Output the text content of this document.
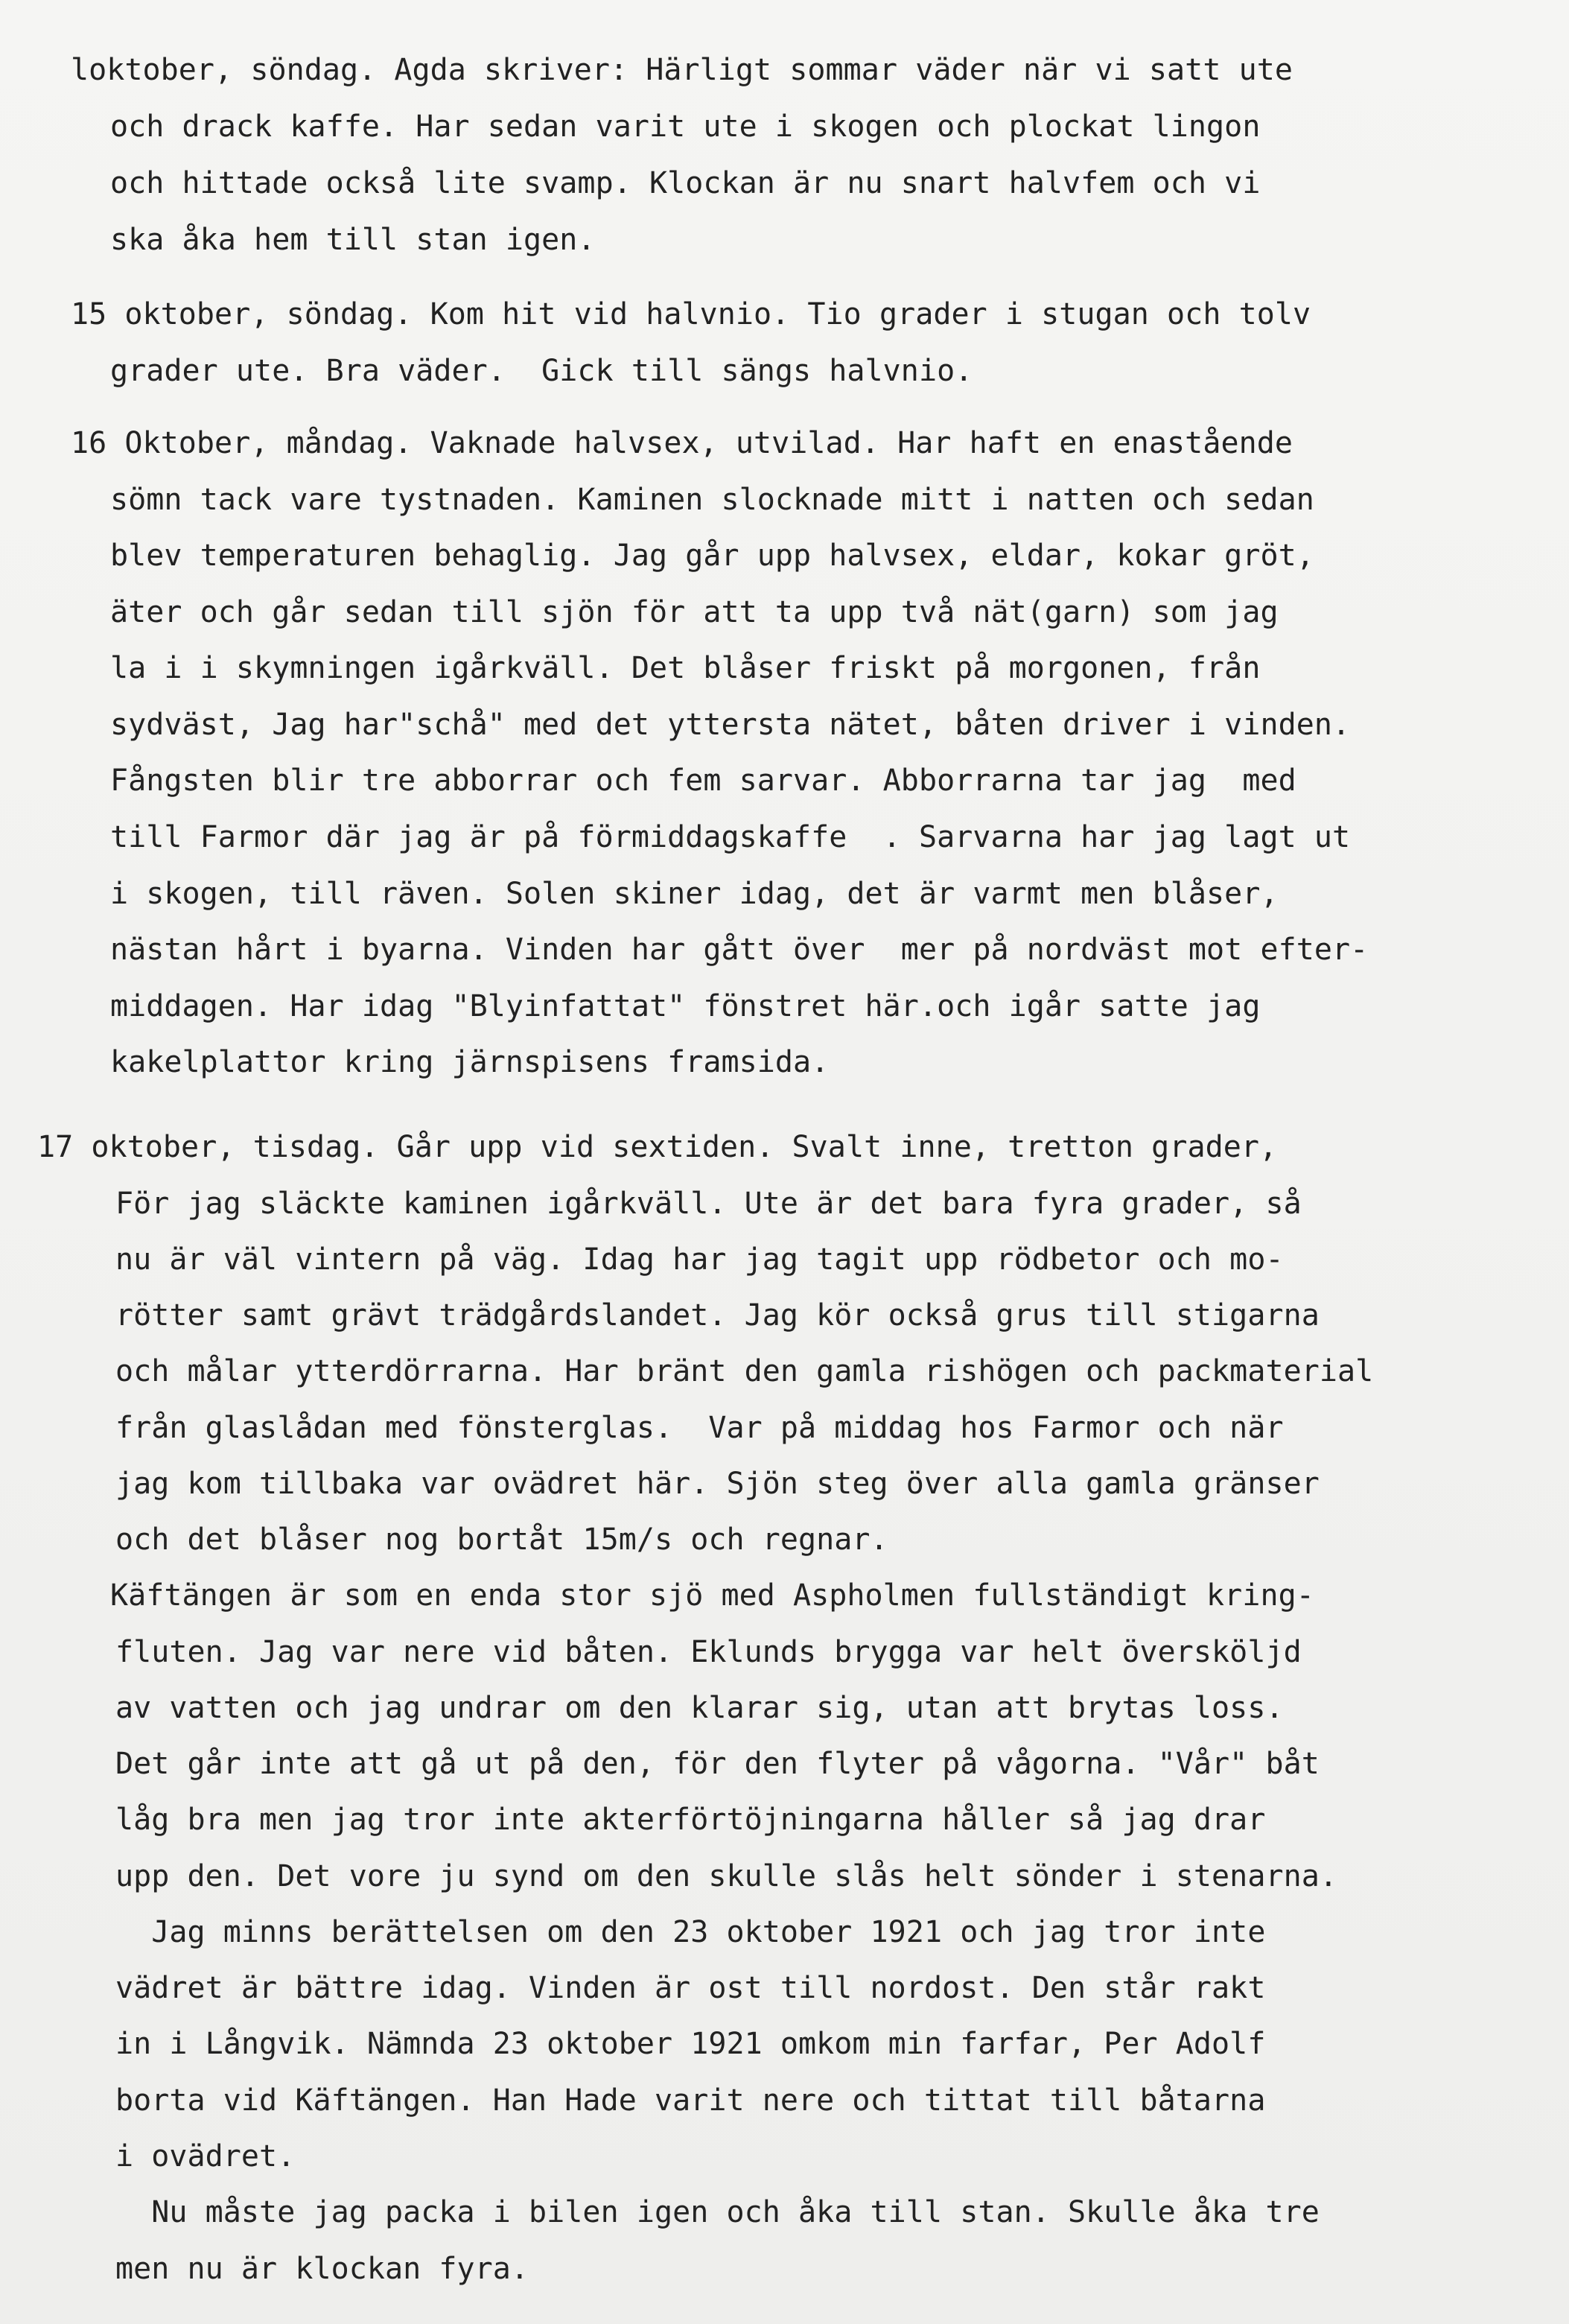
loktober, söndag. Agda skriver: Härligt sommar väder när vi satt ute
och drack kaffe. Har sedan varit ute i skogen och plockat lingon
och hittade också lite svamp. Klockan är nu snart halvfem och vi
ska åka hem till stan igen.
15 oktober, söndag. Kom hit vid halvnio. Tio grader i stugan och tolv
grader ute. Bra väder.  Gick till sängs halvnio.
16 Oktober, måndag. Vaknade halvsex, utvilad. Har haft en enastående
sömn tack vare tystnaden. Kaminen slocknade mitt i natten och sedan
blev temperaturen behaglig. Jag går upp halvsex, eldar, kokar gröt,
äter och går sedan till sjön för att ta upp två nät(garn) som jag
la i i skymningen igårkväll. Det blåser friskt på morgonen, från
sydväst, Jag har"schå" med det yttersta nätet, båten driver i vinden.
Fångsten blir tre abborrar och fem sarvar. Abborrarna tar jag  med
till Farmor där jag är på förmiddagskaffe  . Sarvarna har jag lagt ut
i skogen, till räven. Solen skiner idag, det är varmt men blåser,
nästan hårt i byarna. Vinden har gått över  mer på nordväst mot efter-
middagen. Har idag "Blyinfattat" fönstret här.och igår satte jag
kakelplattor kring järnspisens framsida.
17 oktober, tisdag. Går upp vid sextiden. Svalt inne, tretton grader,
För jag släckte kaminen igårkväll. Ute är det bara fyra grader, så
nu är väl vintern på väg. Idag har jag tagit upp rödbetor och mo-
rötter samt grävt trädgårdslandet. Jag kör också grus till stigarna
och målar ytterdörrarna. Har bränt den gamla rishögen och packmaterial
från glaslådan med fönsterglas.  Var på middag hos Farmor och när
jag kom tillbaka var ovädret här. Sjön steg över alla gamla gränser
och det blåser nog bortåt 15m/s och regnar.
Käftängen är som en enda stor sjö med Aspholmen fullständigt kring-
fluten. Jag var nere vid båten. Eklunds brygga var helt översköljd
av vatten och jag undrar om den klarar sig, utan att brytas loss.
Det går inte att gå ut på den, för den flyter på vågorna. "Vår" båt
låg bra men jag tror inte akterförtöjningarna håller så jag drar
upp den. Det vore ju synd om den skulle slås helt sönder i stenarna.
Jag minns berättelsen om den 23 oktober 1921 och jag tror inte
vädret är bättre idag. Vinden är ost till nordost. Den står rakt
in i Långvik. Nämnda 23 oktober 1921 omkom min farfar, Per Adolf
borta vid Käftängen. Han Hade varit nere och tittat till båtarna
i ovädret.
Nu måste jag packa i bilen igen och åka till stan. Skulle åka tre
men nu är klockan fyra.
